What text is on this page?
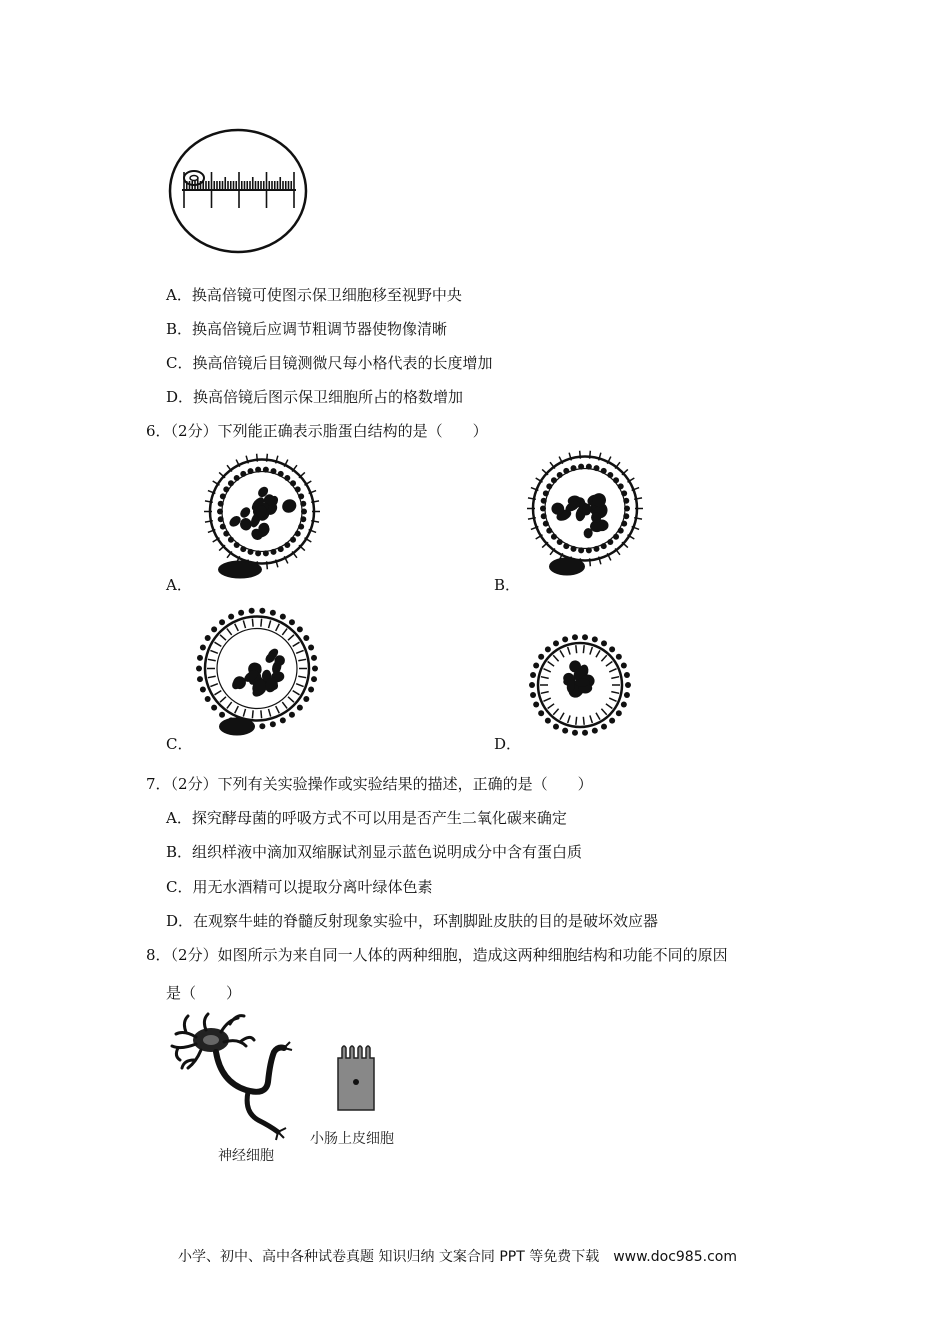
A．换高倍镜可使图示保卫细胞移至视野中央
B．换高倍镜后应调节粗调节器使物像清晰
C．换高倍镜后目镜测微尺每小格代表的长度增加
D．换高倍镜后图示保卫细胞所占的格数增加
6．（2分）下列能正确表示脂蛋白结构的是（　　）
A．	B．
C．	D．
7．（2分）下列有关实验操作或实验结果的描述，正确的是（　　）
A．探究酵母菌的呼吸方式不可以用是否产生二氧化碳来确定
B．组织样液中滴加双缩脲试剂显示蓝色说明成分中含有蛋白质
C．用无水酒精可以提取分离叶绿体色素
D．在观察牛蛙的脊髓反射现象实验中，环割脚趾皮肤的目的是破坏效应器
8．（2分）如图所示为来自同一人体的两种细胞，造成这两种细胞结构和功能不同的原因
是（　　）
神经细胞
小肠上皮细胞
小学、初中、高中各种试卷真题 知识归纳 文案合同 PPT 等免费下载　www.doc985.com
